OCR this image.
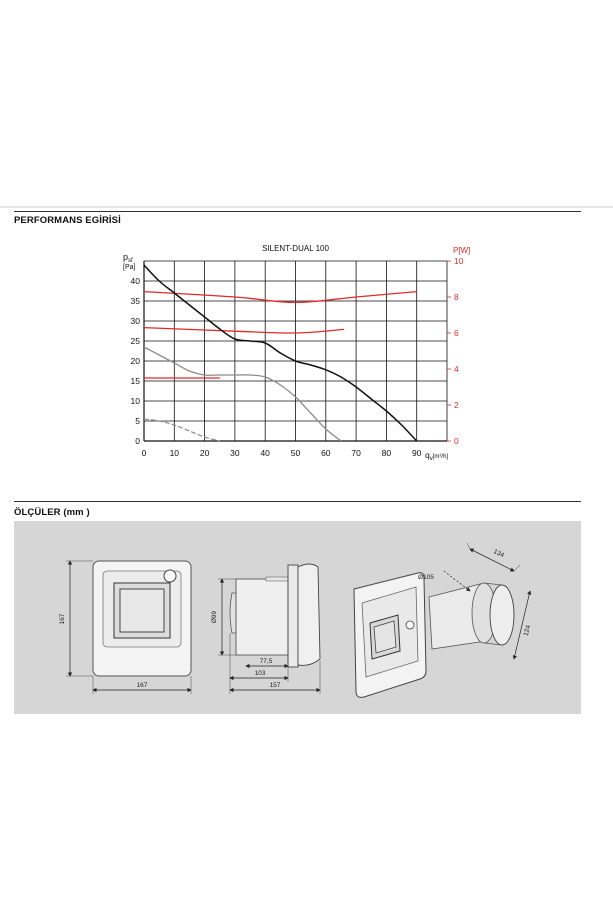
PERFORMANS EGİRİSİ
SILENT-DUAL 100
0	10 20 30 40 50 60 70 80 90
0
5
10
15
20
25
30
35
40
0
2
4
6
8
10
$p_{sf}$
[Pa]
P[W]
$q_v[m^3/h]$
ÖLÇÜLER (mm )
167
167
Ø99
77,5
103
157
Ø105
134
124
